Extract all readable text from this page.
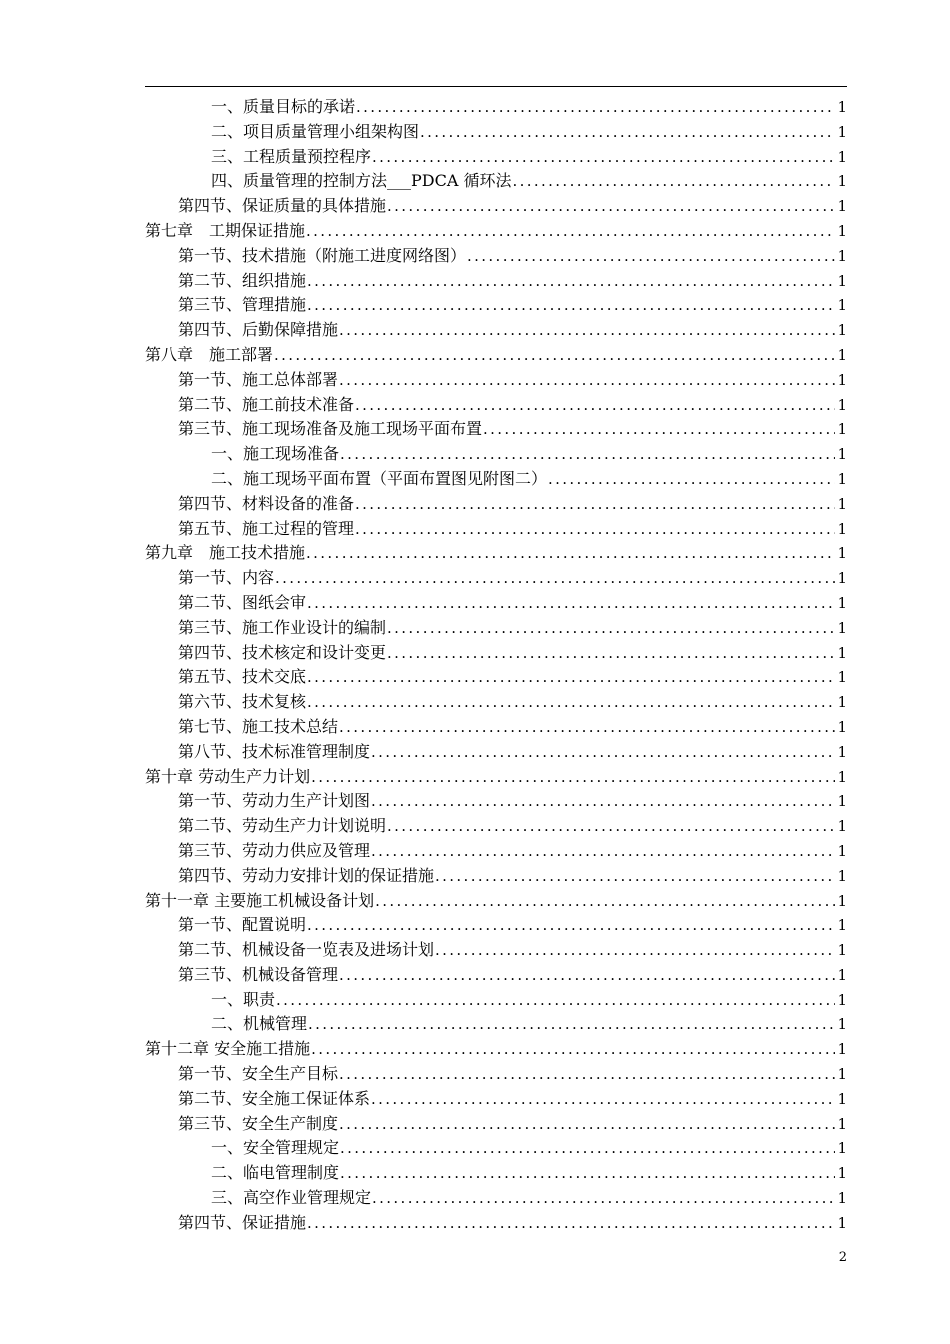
一、质量目标的承诺 . . .	1
二、项目质量管理小组架构图 . . .	1
三、工程质量预控程序 . . .	1
四、质量管理的控制方法___PDCA 循环法 . . .	1
第四节、保证质量的具体措施 . . .	1
第七章　工期保证措施 . . .	1
第一节、技术措施（附施工进度网络图） . . .	1
第二节、组织措施 . . .	1
第三节、管理措施 . . .	1
第四节、后勤保障措施 . . .	1
第八章　施工部署 . . .	1
第一节、施工总体部署 . . .	1
第二节、施工前技术准备 . . .	1
第三节、施工现场准备及施工现场平面布置 . . .	1
一、施工现场准备 . . .	1
二、施工现场平面布置（平面布置图见附图二） . . .	1
第四节、材料设备的准备 . . .	1
第五节、施工过程的管理 . . .	1
第九章　施工技术措施 . . .	1
第一节、内容 . . .	1
第二节、图纸会审 . . .	1
第三节、施工作业设计的编制 . . .	1
第四节、技术核定和设计变更 . . .	1
第五节、技术交底 . . .	1
第六节、技术复核 . . .	1
第七节、施工技术总结 . . .	1
第八节、技术标准管理制度 . . .	1
第十章 劳动生产力计划 . . .	1
第一节、劳动力生产计划图 . . .	1
第二节、劳动生产力计划说明 . . .	1
第三节、劳动力供应及管理 . . .	1
第四节、劳动力安排计划的保证措施 . . .	1
第十一章 主要施工机械设备计划 . . .	1
第一节、配置说明 . . .	1
第二节、机械设备一览表及进场计划 . . .	1
第三节、机械设备管理 . . .	1
一、职责 . . .	1
二、机械管理 . . .	1
第十二章 安全施工措施 . . .	1
第一节、安全生产目标 . . .	1
第二节、安全施工保证体系 . . .	1
第三节、安全生产制度 . . .	1
一、安全管理规定 . . .	1
二、临电管理制度 . . .	1
三、高空作业管理规定 . . .	1
第四节、保证措施 . . .	1
2
